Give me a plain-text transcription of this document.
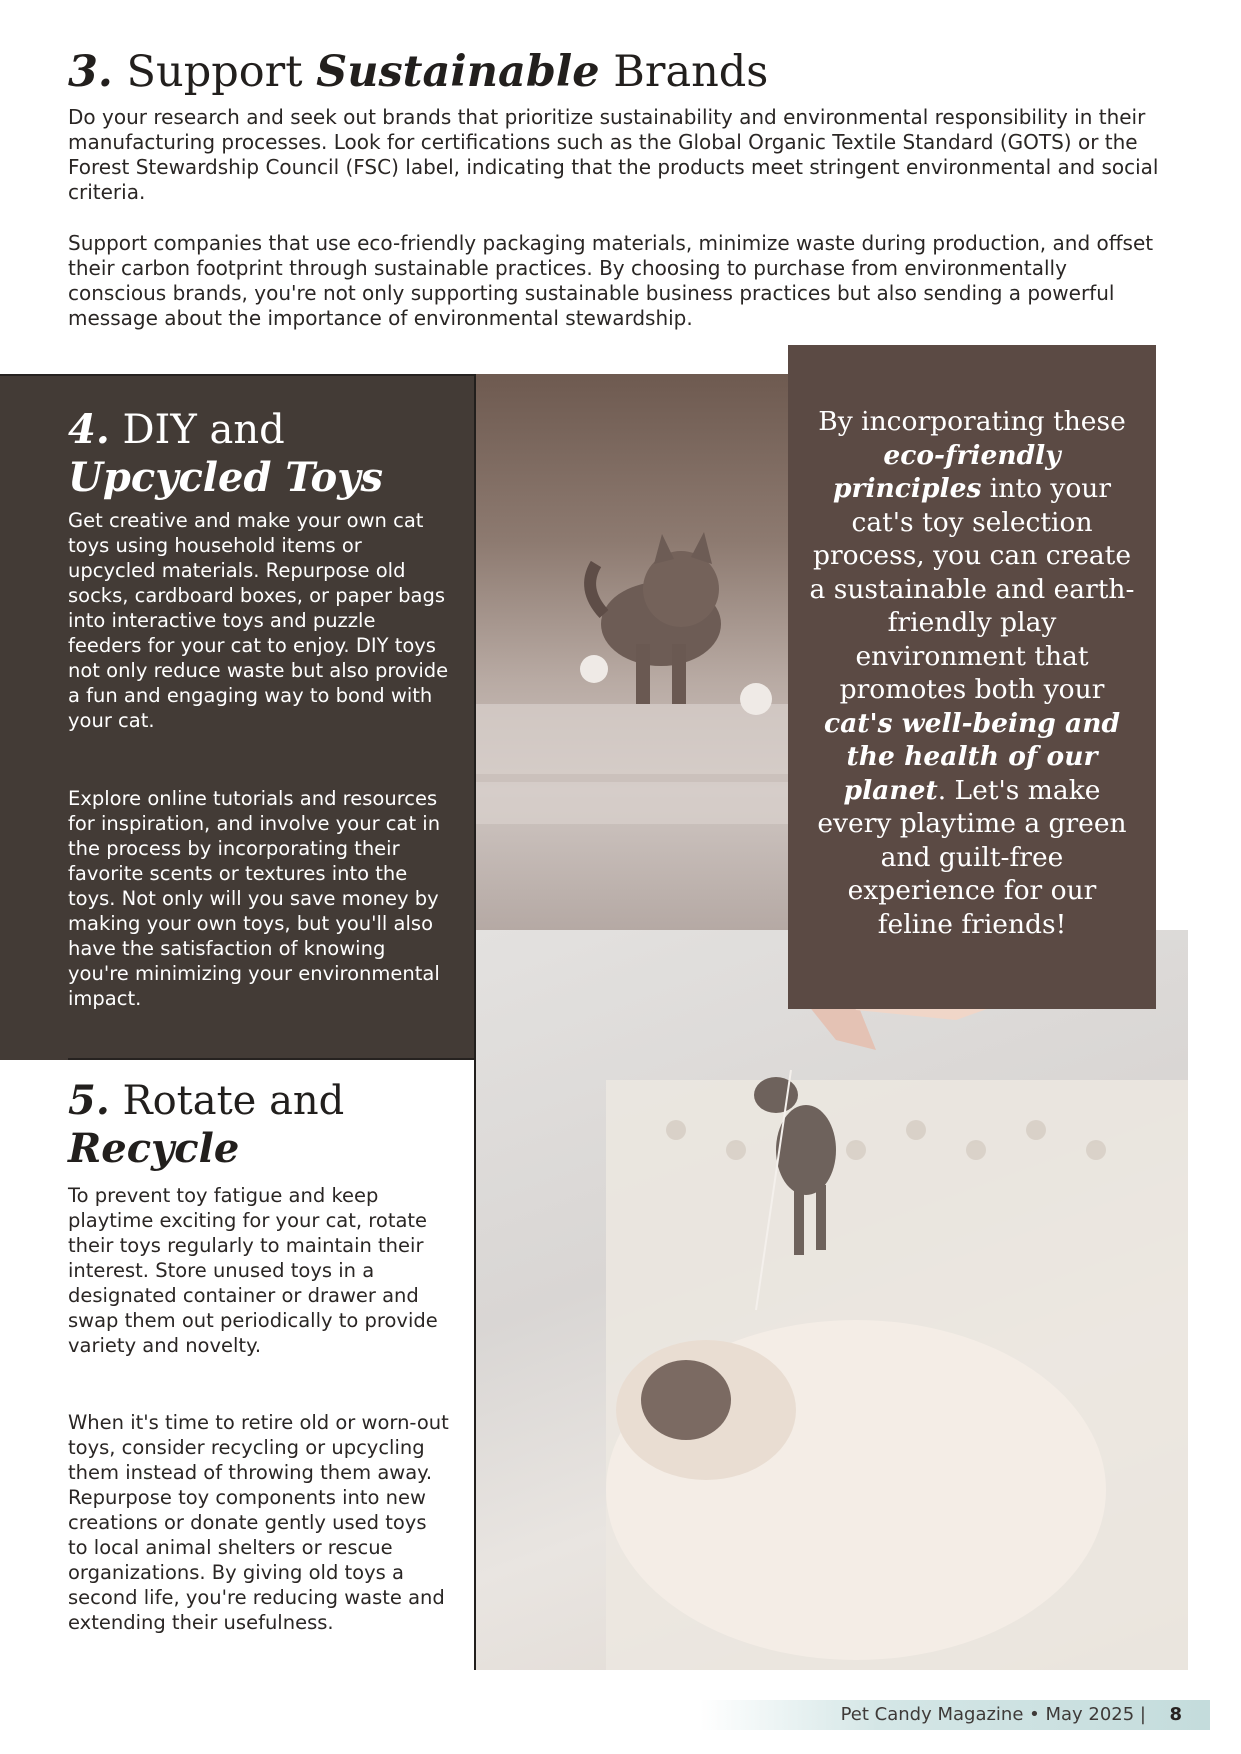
3. Support Sustainable Brands

Do your research and seek out brands that prioritize sustainability and environmental responsibility in their manufacturing processes. Look for certifications such as the Global Organic Textile Standard (GOTS) or the Forest Stewardship Council (FSC) label, indicating that the products meet stringent environmental and social criteria.

Support companies that use eco-friendly packaging materials, minimize waste during production, and offset their carbon footprint through sustainable practices. By choosing to purchase from environmentally conscious brands, you're not only supporting sustainable business practices but also sending a powerful message about the importance of environmental stewardship.

4. DIY and
Upcycled Toys

Get creative and make your own cat toys using household items or upcycled materials. Repurpose old socks, cardboard boxes, or paper bags into interactive toys and puzzle feeders for your cat to enjoy. DIY toys not only reduce waste but also provide a fun and engaging way to bond with your cat.

Explore online tutorials and resources for inspiration, and involve your cat in the process by incorporating their favorite scents or textures into the toys. Not only will you save money by making your own toys, but you'll also have the satisfaction of knowing you're minimizing your environmental impact.

5. Rotate and
Recycle

To prevent toy fatigue and keep playtime exciting for your cat, rotate their toys regularly to maintain their interest. Store unused toys in a designated container or drawer and swap them out periodically to provide variety and novelty.

When it's time to retire old or worn-out toys, consider recycling or upcycling them instead of throwing them away. Repurpose toy components into new creations or donate gently used toys to local animal shelters or rescue organizations. By giving old toys a second life, you're reducing waste and extending their usefulness.

By incorporating these eco-friendly principles into your cat's toy selection process, you can create a sustainable and earth-friendly play environment that promotes both your cat's well-being and the health of our planet. Let's make every playtime a green and guilt-free experience for our feline friends!

Pet Candy Magazine • May 2025 | 8
